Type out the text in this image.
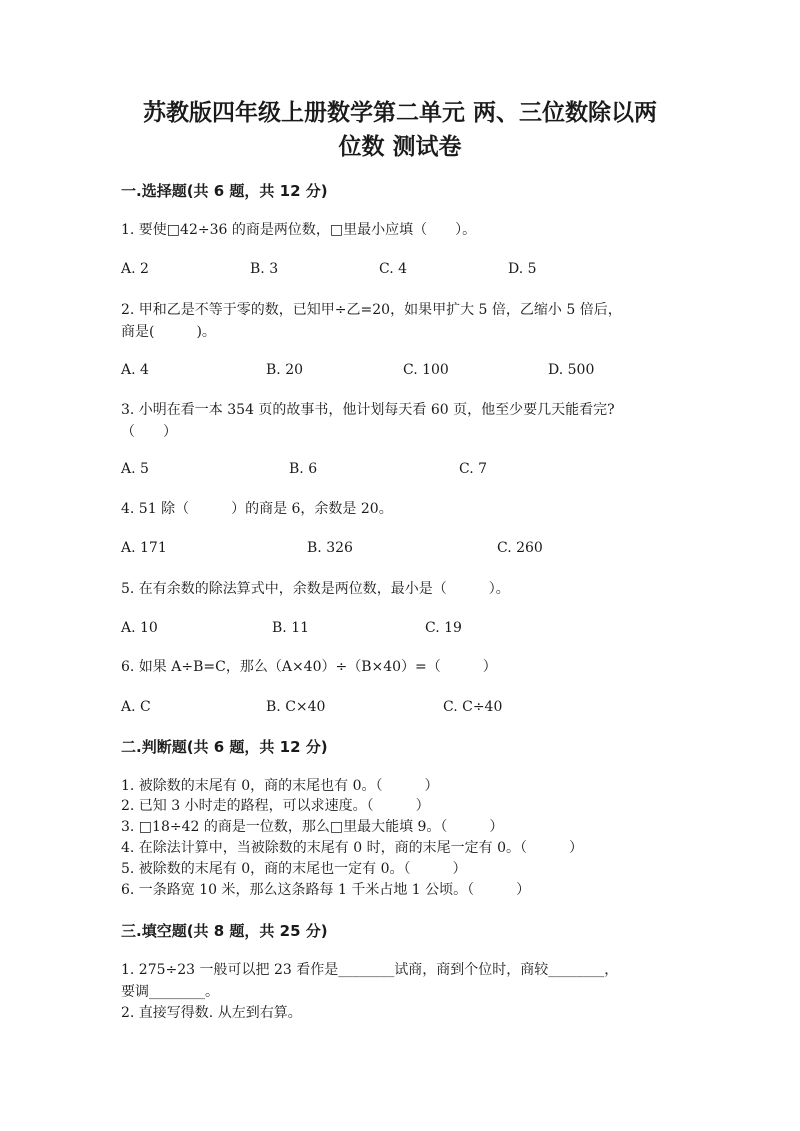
苏教版四年级上册数学第二单元 两、三位数除以两
位数 测试卷
一.选择题(共 6 题，共 12 分)
1. 要使□42÷36 的商是两位数，□里最小应填（　　）。
A. 2	B. 3	C. 4	D. 5
2. 甲和乙是不等于零的数，已知甲÷乙=20，如果甲扩大 5 倍，乙缩小 5 倍后，
商是(　　　)。
A. 4	B. 20	C. 100	D. 500
3. 小明在看一本 354 页的故事书，他计划每天看 60 页，他至少要几天能看完?
（　　）
A. 5	B. 6	C. 7
4. 51 除（　　　）的商是 6，余数是 20。
A. 171	B. 326	C. 260
5. 在有余数的除法算式中，余数是两位数，最小是（　　　）。
A. 10	B. 11	C. 19
6. 如果 A÷B=C，那么（A×40）÷（B×40）=（　　　）
A. C	B. C×40	C. C÷40
二.判断题(共 6 题，共 12 分)
1. 被除数的末尾有 0，商的末尾也有 0。（　　　）
2. 已知 3 小时走的路程，可以求速度。（　　　）
3. □18÷42 的商是一位数，那么□里最大能填 9。（　　　）
4. 在除法计算中，当被除数的末尾有 0 时，商的末尾一定有 0。（　　　）
5. 被除数的末尾有 0，商的末尾也一定有 0。（　　　）
6. 一条路宽 10 米，那么这条路每 1 千米占地 1 公顷。（　　　）
三.填空题(共 8 题，共 25 分)
1. 275÷23 一般可以把 23 看作是________试商，商到个位时，商较________，
要调________。
2. 直接写得数. 从左到右算。
